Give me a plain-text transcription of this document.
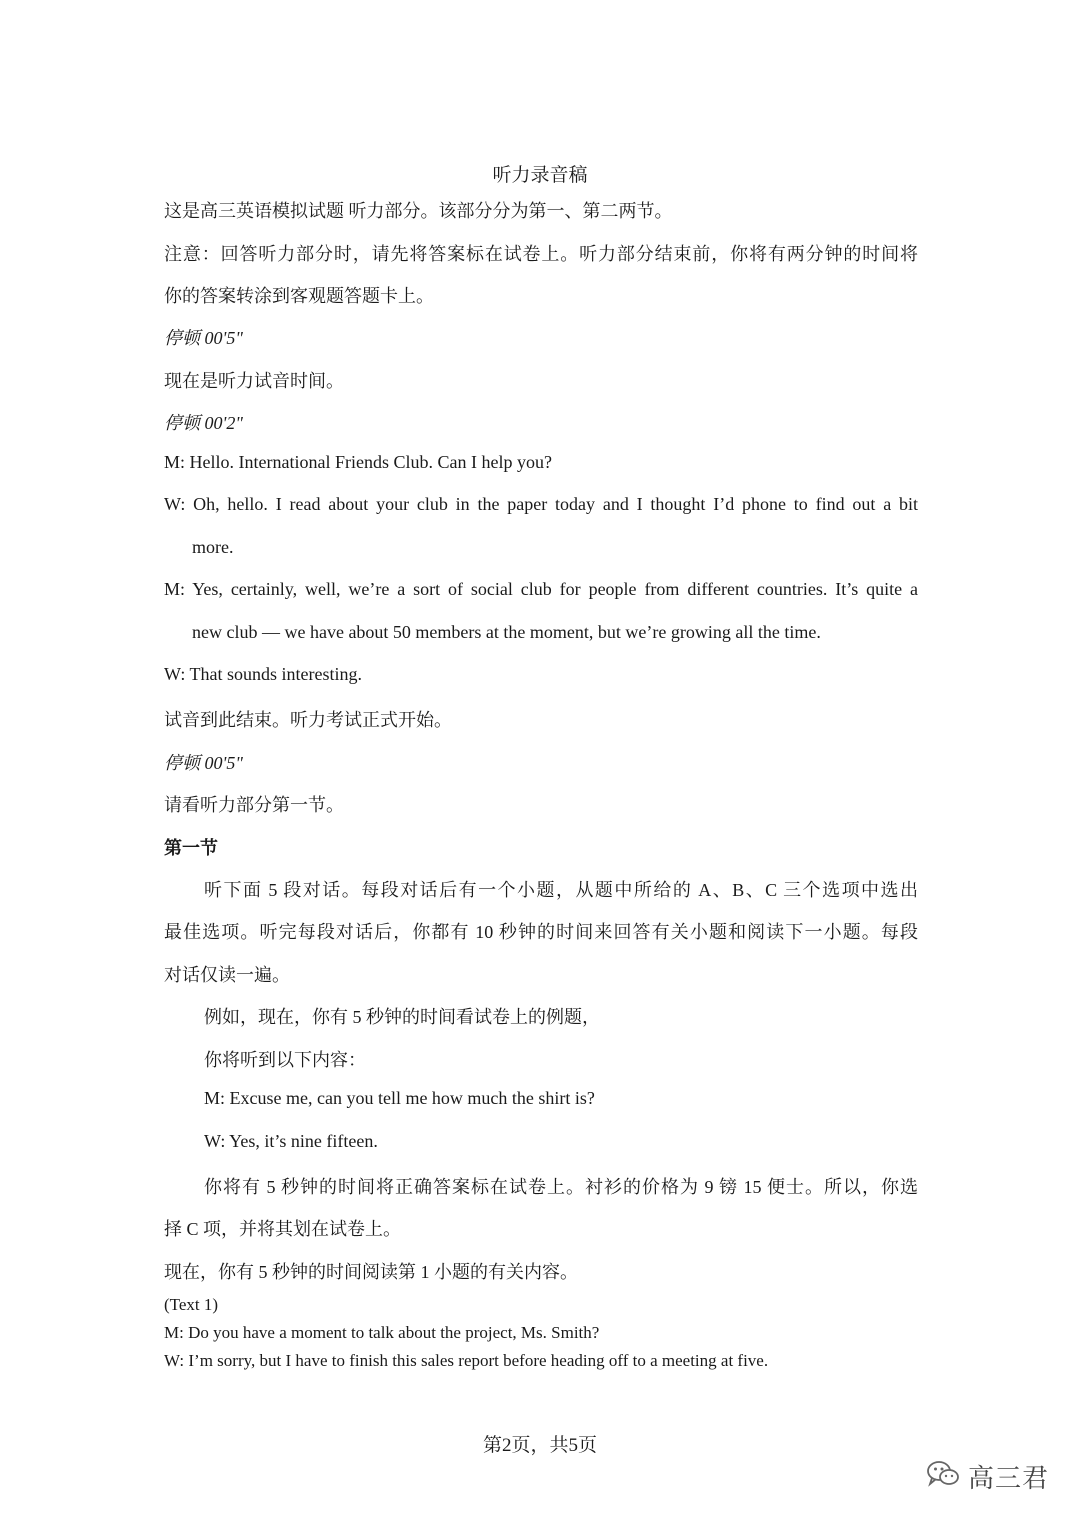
听力录音稿
这是高三英语模拟试题 听力部分。该部分分为第一、第二两节。
注意：回答听力部分时，请先将答案标在试卷上。听力部分结束前，你将有两分钟的时间将
你的答案转涂到客观题答题卡上。
停顿 00'5"
现在是听力试音时间。
停顿 00'2"
M: Hello. International Friends Club. Can I help you?
W: Oh, hello. I read about your club in the paper today and I thought I’d phone to find out a bit
more.
M: Yes, certainly, well, we’re a sort of social club for people from different countries. It’s quite a
new club — we have about 50 members at the moment, but we’re growing all the time.
W: That sounds interesting.
试音到此结束。听力考试正式开始。
停顿 00'5"
请看听力部分第一节。
第一节
听下面 5 段对话。每段对话后有一个小题，从题中所给的 A、B、C 三个选项中选出
最佳选项。听完每段对话后，你都有 10 秒钟的时间来回答有关小题和阅读下一小题。每段
对话仅读一遍。
例如，现在，你有 5 秒钟的时间看试卷上的例题，
你将听到以下内容：
M: Excuse me, can you tell me how much the shirt is?
W: Yes, it’s nine fifteen.
你将有 5 秒钟的时间将正确答案标在试卷上。衬衫的价格为 9 镑 15 便士。所以，你选
择 C 项，并将其划在试卷上。
现在，你有 5 秒钟的时间阅读第 1 小题的有关内容。
(Text 1)
M: Do you have a moment to talk about the project, Ms. Smith?
W: I’m sorry, but I have to finish this sales report before heading off to a meeting at five.
第2页，共5页
高三君
